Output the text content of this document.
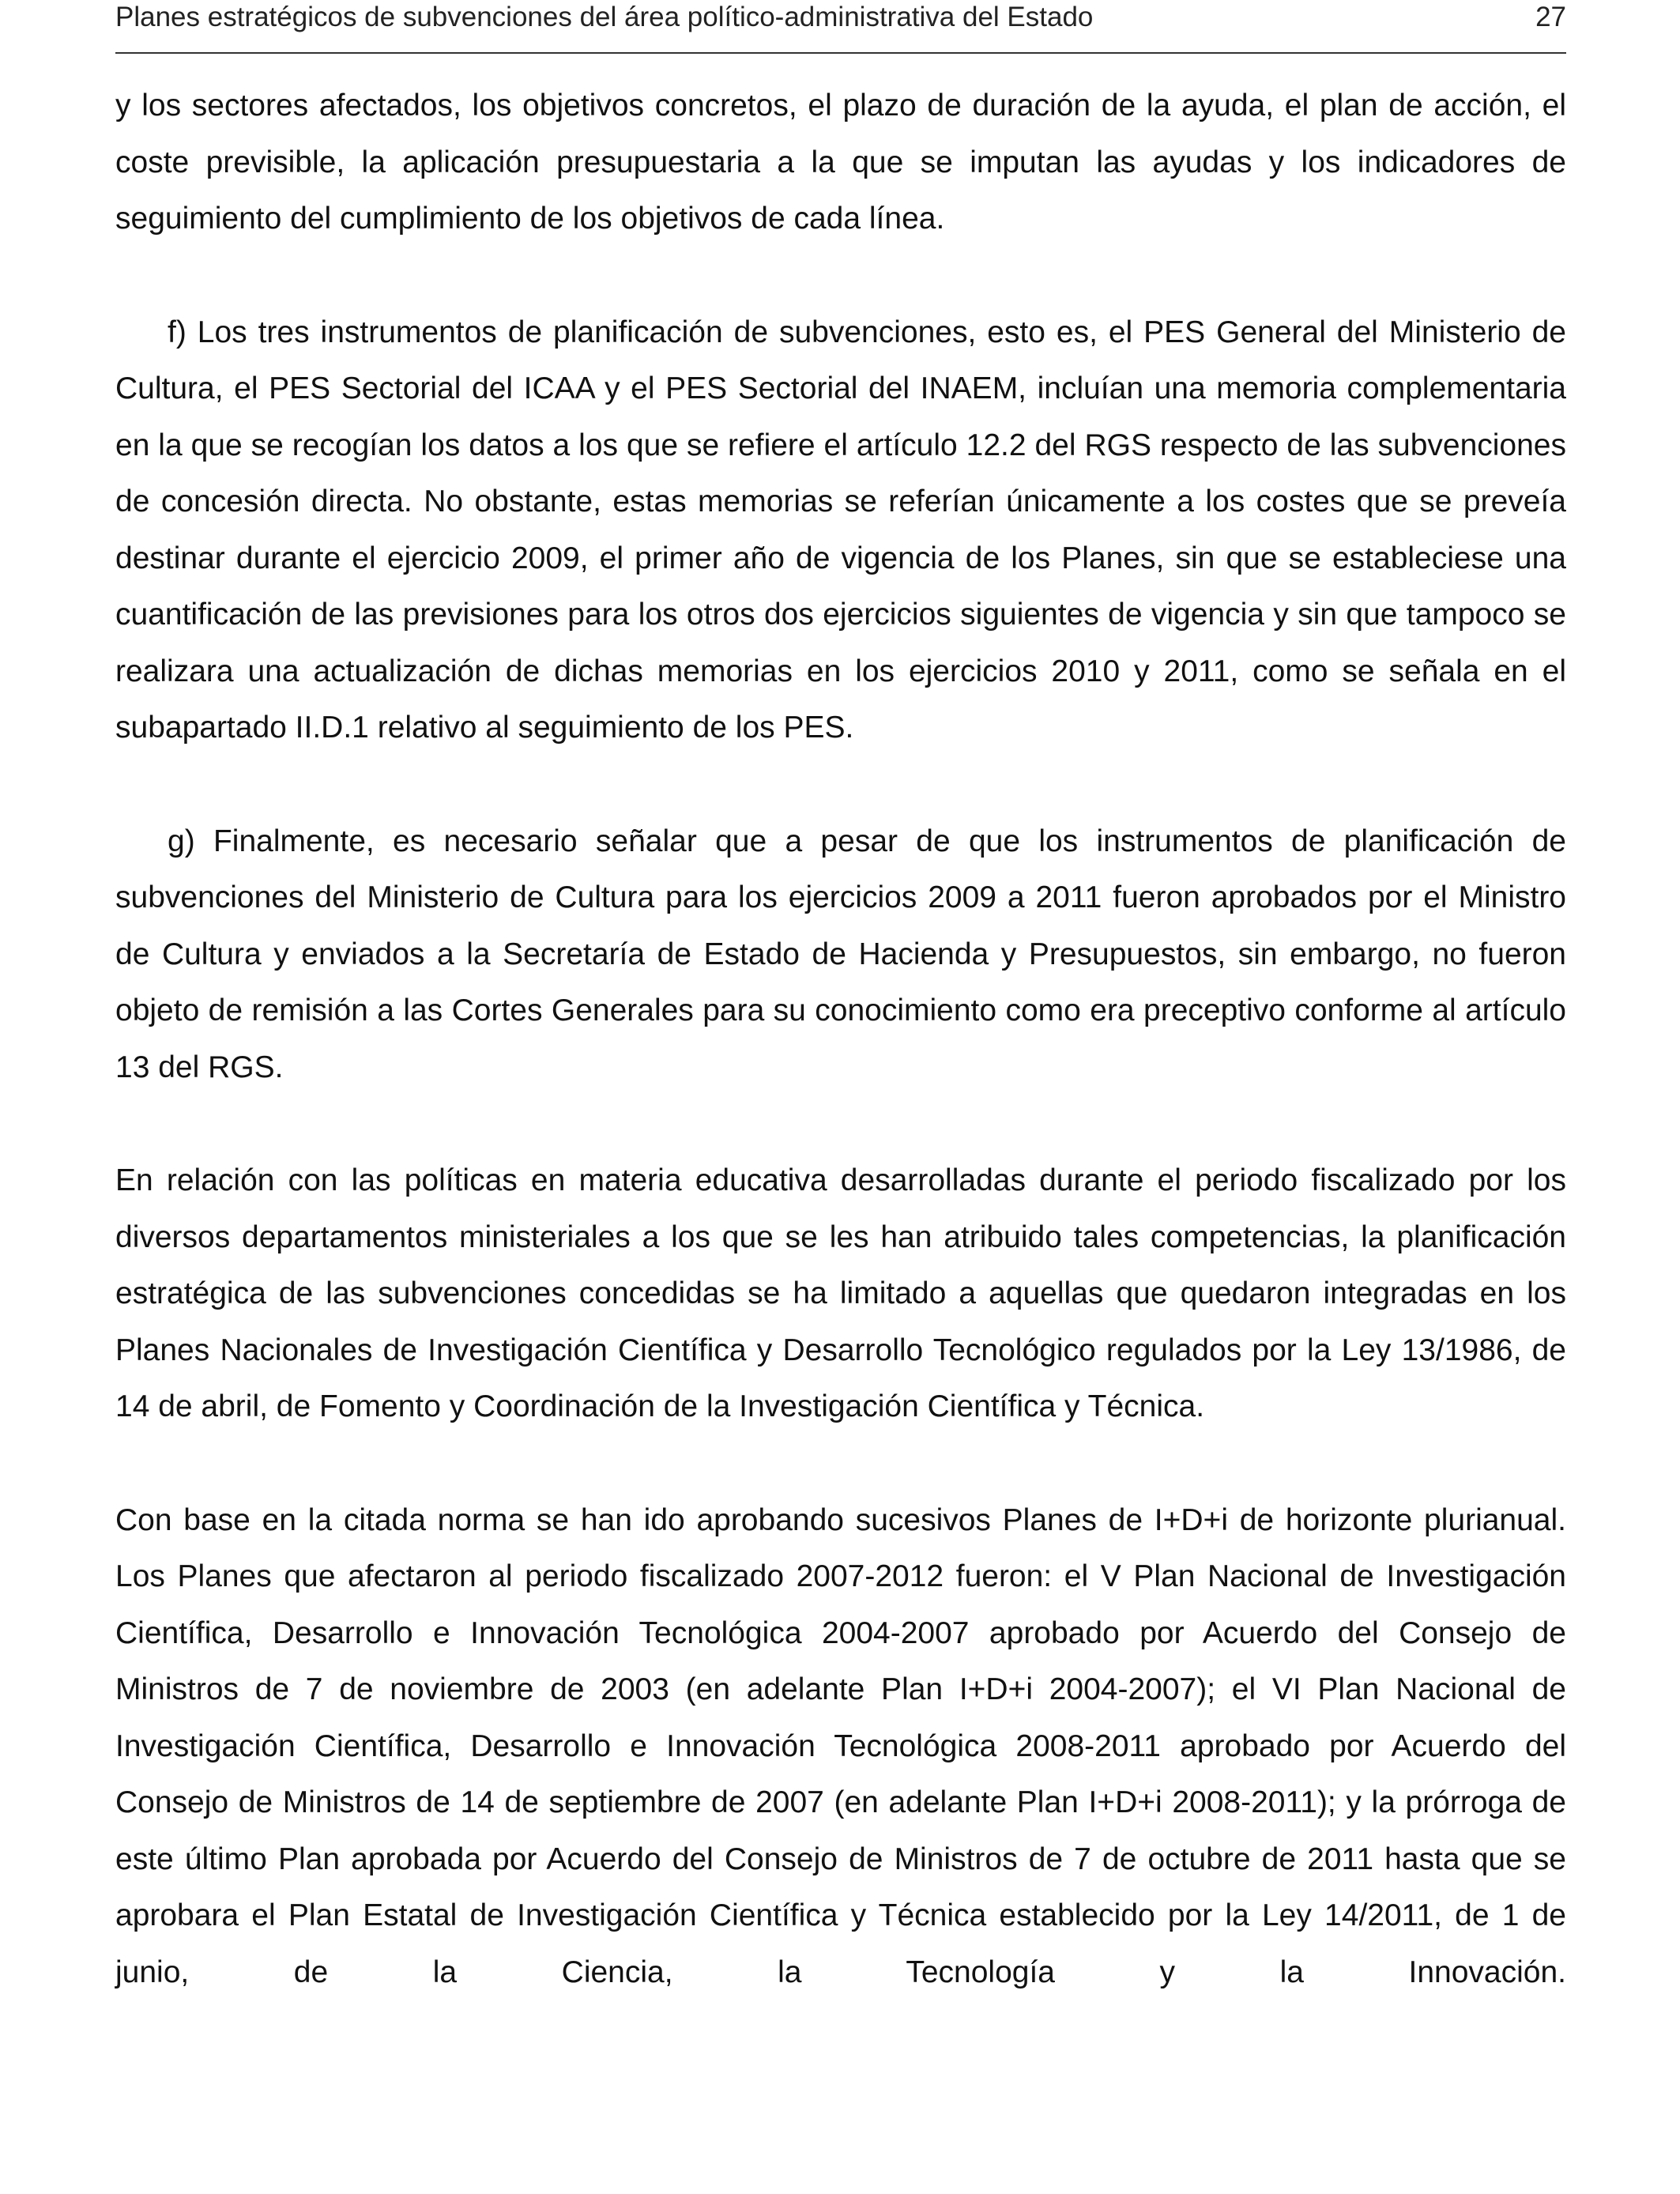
Planes estratégicos de subvenciones del área político-administrativa del Estado	27

y los sectores afectados, los objetivos concretos, el plazo de duración de la ayuda, el plan de acción, el coste previsible, la aplicación presupuestaria a la que se imputan las ayudas y los indicadores de seguimiento del cumplimiento de los objetivos de cada línea.

f) Los tres instrumentos de planificación de subvenciones, esto es, el PES General del Ministerio de Cultura, el PES Sectorial del ICAA y el PES Sectorial del INAEM, incluían una memoria complementaria en la que se recogían los datos a los que se refiere el artículo 12.2 del RGS respecto de las subvenciones de concesión directa. No obstante, estas memorias se referían únicamente a los costes que se preveía destinar durante el ejercicio 2009, el primer año de vigencia de los Planes, sin que se estableciese una cuantificación de las previsiones para los otros dos ejercicios siguientes de vigencia y sin que tampoco se realizara una actualización de dichas memorias en los ejercicios 2010 y 2011, como se señala en el subapartado II.D.1 relativo al seguimiento de los PES.

g) Finalmente, es necesario señalar que a pesar de que los instrumentos de planificación de subvenciones del Ministerio de Cultura para los ejercicios 2009 a 2011 fueron aprobados por el Ministro de Cultura y enviados a la Secretaría de Estado de Hacienda y Presupuestos, sin embargo, no fueron objeto de remisión a las Cortes Generales para su conocimiento como era preceptivo conforme al artículo 13 del RGS.

En relación con las políticas en materia educativa desarrolladas durante el periodo fiscalizado por los diversos departamentos ministeriales a los que se les han atribuido tales competencias, la planificación estratégica de las subvenciones concedidas se ha limitado a aquellas que quedaron integradas en los Planes Nacionales de Investigación Científica y Desarrollo Tecnológico regulados por la Ley 13/1986, de 14 de abril, de Fomento y Coordinación de la Investigación Científica y Técnica.

Con base en la citada norma se han ido aprobando sucesivos Planes de I+D+i de horizonte plurianual. Los Planes que afectaron al periodo fiscalizado 2007-2012 fueron: el V Plan Nacional de Investigación Científica, Desarrollo e Innovación Tecnológica 2004-2007 aprobado por Acuerdo del Consejo de Ministros de 7 de noviembre de 2003 (en adelante Plan I+D+i 2004-2007); el VI Plan Nacional de Investigación Científica, Desarrollo e Innovación Tecnológica 2008-2011 aprobado por Acuerdo del Consejo de Ministros de 14 de septiembre de 2007 (en adelante Plan I+D+i 2008-2011); y la prórroga de este último Plan aprobada por Acuerdo del Consejo de Ministros de 7 de octubre de 2011 hasta que se aprobara el Plan Estatal de Investigación Científica y Técnica establecido por la Ley 14/2011, de 1 de junio, de la Ciencia, la Tecnología y la Innovación.
